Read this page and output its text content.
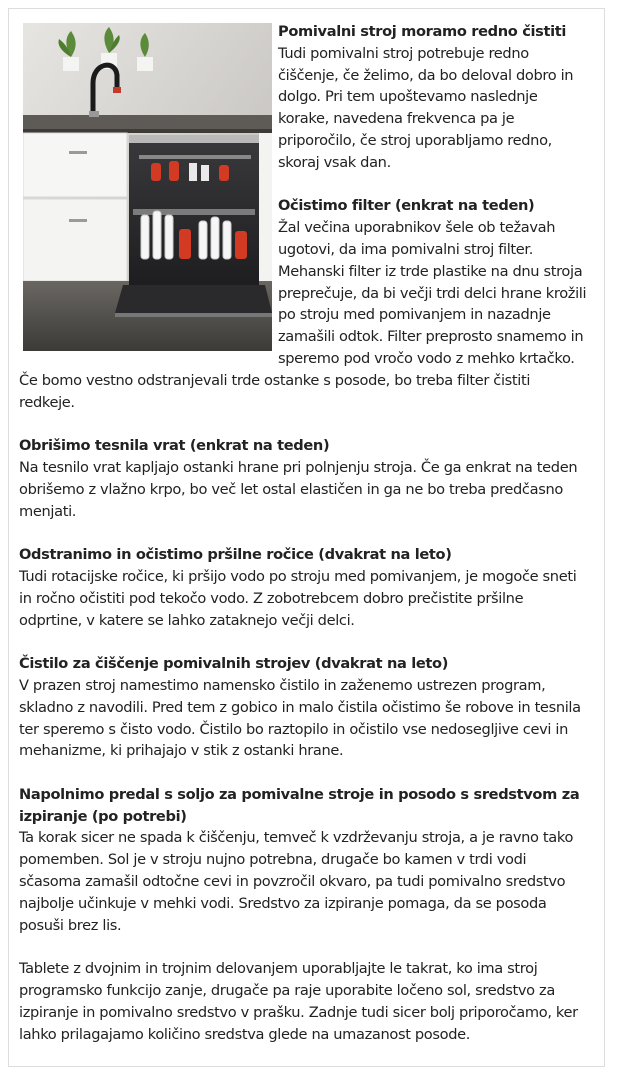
Pomivalni stroj moramo redno čistiti
Tudi pomivalni stroj potrebuje redno čiščenje, če želimo, da bo deloval dobro in dolgo. Pri tem upoštevamo naslednje korake, navedena frekvenca pa je priporočilo, če stroj uporabljamo redno, skoraj vsak dan.
Očistimo filter (enkrat na teden)
Žal večina uporabnikov šele ob težavah ugotovi, da ima pomivalni stroj filter. Mehanski filter iz trde plastike na dnu stroja preprečuje, da bi večji trdi delci hrane krožili po stroju med pomivanjem in nazadnje zamašili odtok. Filter preprosto snamemo in speremo pod vročo vodo z mehko krtačko. Če bomo vestno odstranjevali trde ostanke s posode, bo treba filter čistiti redkeje.
Obrišimo tesnila vrat (enkrat na teden)
Na tesnilo vrat kapljajo ostanki hrane pri polnjenju stroja. Če ga enkrat na teden obrišemo z vlažno krpo, bo več let ostal elastičen in ga ne bo treba predčasno menjati.
Odstranimo in očistimo pršilne ročice (dvakrat na leto)
Tudi rotacijske ročice, ki pršijo vodo po stroju med pomivanjem, je mogoče sneti in ročno očistiti pod tekočo vodo. Z zobotrebcem dobro prečistite pršilne odprtine, v katere se lahko zataknejo večji delci.
Čistilo za čiščenje pomivalnih strojev (dvakrat na leto)
V prazen stroj namestimo namensko čistilo in zaženemo ustrezen program, skladno z navodili. Pred tem z gobico in malo čistila očistimo še robove in tesnila ter speremo s čisto vodo. Čistilo bo raztopilo in očistilo vse nedosegljive cevi in mehanizme, ki prihajajo v stik z ostanki hrane.
Napolnimo predal s soljo za pomivalne stroje in posodo s sredstvom za izpiranje (po potrebi)
Ta korak sicer ne spada k čiščenju, temveč k vzdrževanju stroja, a je ravno tako pomemben. Sol je v stroju nujno potrebna, drugače bo kamen v trdi vodi sčasoma zamašil odtočne cevi in povzročil okvaro, pa tudi pomivalno sredstvo najbolje učinkuje v mehki vodi. Sredstvo za izpiranje pomaga, da se posoda posuši brez lis.
Tablete z dvojnim in trojnim delovanjem uporabljajte le takrat, ko ima stroj programsko funkcijo zanje, drugače pa raje uporabite ločeno sol, sredstvo za izpiranje in pomivalno sredstvo v prašku. Zadnje tudi sicer bolj priporočamo, ker lahko prilagajamo količino sredstva glede na umazanost posode.
